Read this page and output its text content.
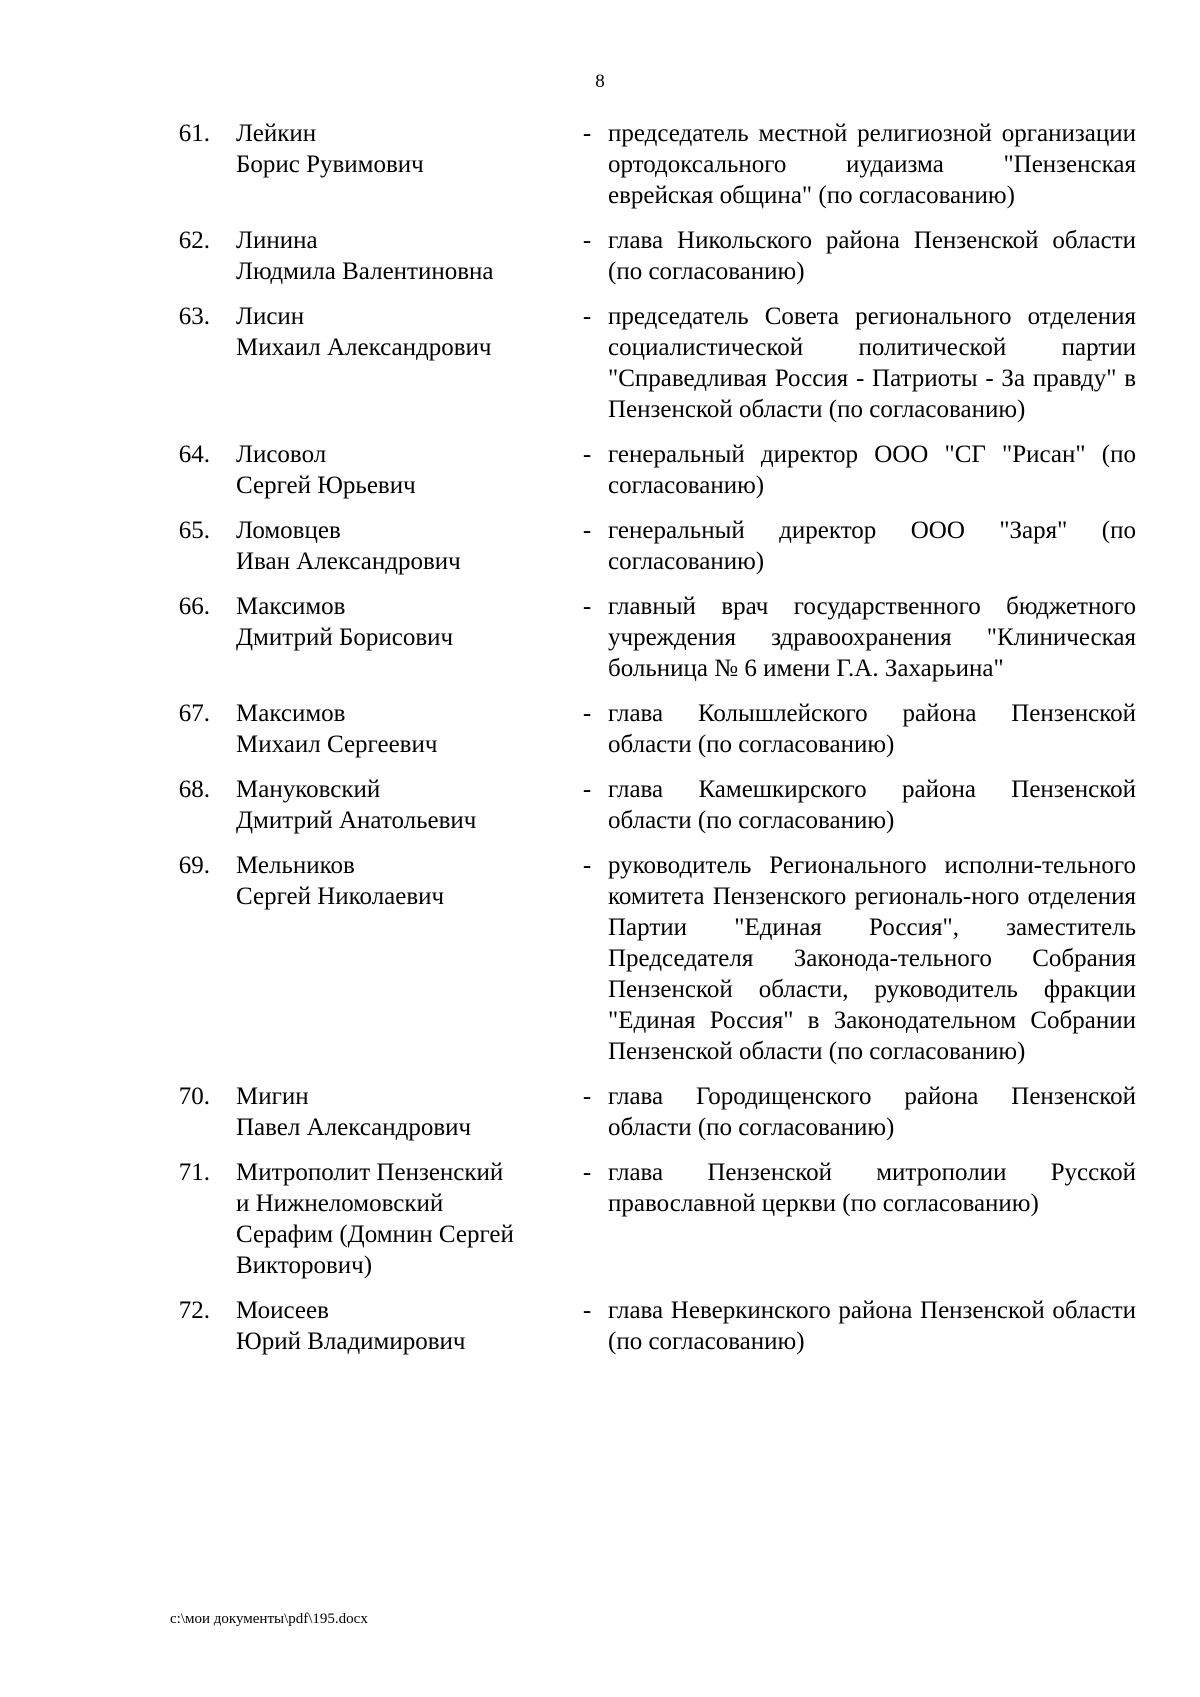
8
61. Лейкин
Борис Рувимович
- председатель местной религиозной организации ортодоксального иудаизма "Пензенская еврейская община" (по согласованию)
62. Линина
Людмила Валентиновна
- глава Никольского района Пензенской области (по согласованию)
63. Лисин
Михаил Александрович
- председатель Совета регионального отделения социалистической политической партии "Справедливая Россия - Патриоты - За правду" в Пензенской области (по согласованию)
64. Лисовол
Сергей Юрьевич
- генеральный директор ООО "СГ "Рисан" (по согласованию)
65. Ломовцев
Иван Александрович
- генеральный директор ООО "Заря" (по согласованию)
66. Максимов
Дмитрий Борисович
- главный врач государственного бюджетного учреждения здравоохранения "Клиническая больница № 6 имени Г.А. Захарьина"
67. Максимов
Михаил Сергеевич
- глава Колышлейского района Пензенской области (по согласованию)
68. Мануковский
Дмитрий Анатольевич
- глава Камешкирского района Пензенской области (по согласованию)
69. Мельников
Сергей Николаевич
- руководитель Регионального исполни-тельного комитета Пензенского региональ-ного отделения Партии "Единая Россия", заместитель Председателя Законода-тельного Собрания Пензенской области, руководитель фракции "Единая Россия" в Законодательном Собрании Пензенской области (по согласованию)
70. Мигин
Павел Александрович
- глава Городищенского района Пензенской области (по согласованию)
71. Митрополит Пензенский
и Нижнеломовский
Серафим (Домнин Сергей
Викторович)
- глава Пензенской митрополии Русской православной церкви (по согласованию)
72. Моисеев
Юрий Владимирович
- глава Неверкинского района Пензенской области (по согласованию)
c:\мои документы\pdf\195.docx
